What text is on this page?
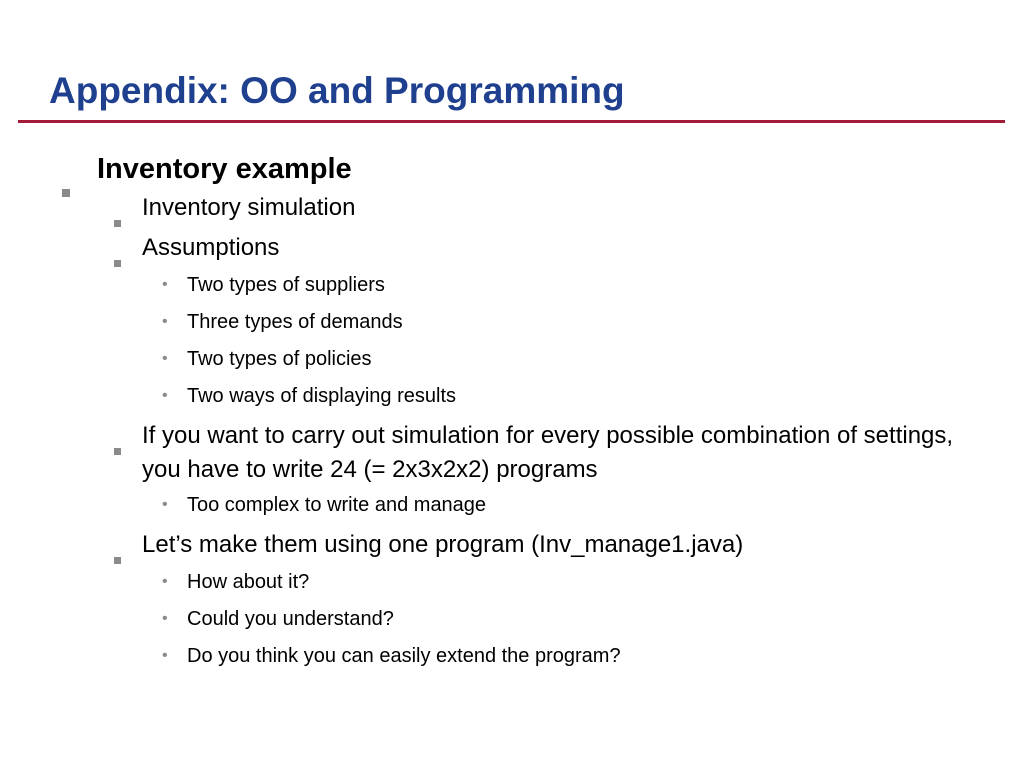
Appendix: OO and Programming
Inventory example
Inventory simulation
Assumptions
• Two types of suppliers
• Three types of demands
• Two types of policies
• Two ways of displaying results
If you want to carry out simulation for every possible combination of settings, you have to write 24 (= 2x3x2x2) programs
• Too complex to write and manage
Let’s make them using one program (Inv_manage1.java)
• How about it?
• Could you understand?
• Do you think you can easily extend the program?
